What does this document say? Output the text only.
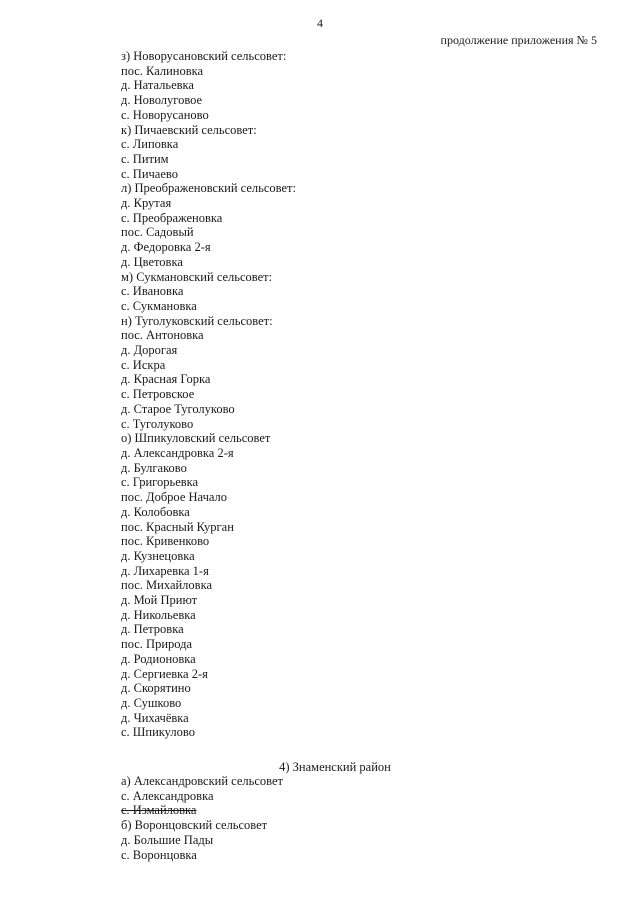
4
продолжение приложения № 5
з) Новорусановский сельсовет:
пос. Калиновка
д. Натальевка
д. Новолуговое
с. Новорусаново
к) Пичаевский сельсовет:
с. Липовка
с. Питим
с. Пичаево
л) Преображеновский сельсовет:
д. Крутая
с. Преображеновка
пос. Садовый
д. Федоровка 2-я
д. Цветовка
м) Сукмановский сельсовет:
с. Ивановка
с. Сукмановка
н) Туголуковский сельсовет:
пос. Антоновка
д. Дорогая
с. Искра
д. Красная Горка
с. Петровское
д. Старое Туголуково
с. Туголуково
о) Шпикуловский сельсовет
д. Александровка 2-я
д. Булгаково
с. Григорьевка
пос. Доброе Начало
д. Колобовка
пос. Красный Курган
пос. Кривенково
д. Кузнецовка
д. Лихаревка 1-я
пос. Михайловка
д. Мой Приют
д. Никольевка
д. Петровка
пос. Природа
д. Родионовка
д. Сергиевка 2-я
д. Скорятино
д. Сушково
д. Чихачёвка
с. Шпикулово
4) Знаменский район
а) Александровский сельсовет
с. Александровка
с. Измайловка
б) Воронцовский сельсовет
д. Большие Пады
с. Воронцовка
